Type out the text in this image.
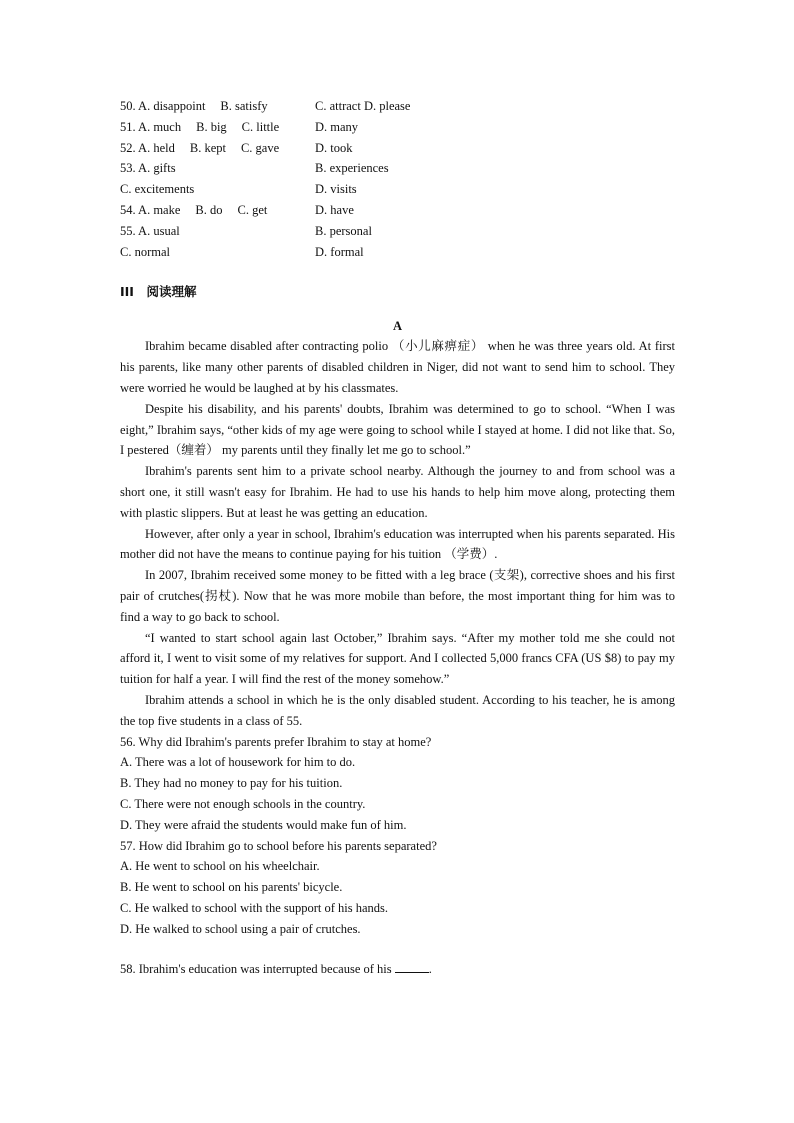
50. A. disappoint B. satisfy	C. attract D. please
51. A. much B. big C. little	D. many
52. A. held B. kept C. gave	D. took
53. A. gifts	B. experiences
C. excitements	D. visits
54. A. make B. do C. get	D. have
55. A. usual	B. personal
C. normal	D. formal
III　阅读理解
A

Ibrahim became disabled after contracting polio （小儿麻痹症） when he was three years old. At first his parents, like many other parents of disabled children in Niger, did not want to send him to school. They were worried he would be laughed at by his classmates.

Despite his disability, and his parents' doubts, Ibrahim was determined to go to school. “When I was eight,” Ibrahim says, “other kids of my age were going to school while I stayed at home. I did not like that. So, I pestered（缠着） my parents until they finally let me go to school.”

Ibrahim's parents sent him to a private school nearby. Although the journey to and from school was a short one, it still wasn't easy for Ibrahim. He had to use his hands to help him move along, protecting them with plastic slippers. But at least he was getting an education.

However, after only a year in school, Ibrahim's education was interrupted when his parents separated. His mother did not have the means to continue paying for his tuition （学费）.

In 2007, Ibrahim received some money to be fitted with a leg brace (支架), corrective shoes and his first pair of crutches(拐杖). Now that he was more mobile than before, the most important thing for him was to find a way to go back to school.

“I wanted to start school again last October,” Ibrahim says. “After my mother told me she could not afford it, I went to visit some of my relatives for support. And I collected 5,000 francs CFA (US $8) to pay my tuition for half a year. I will find the rest of the money somehow.”

Ibrahim attends a school in which he is the only disabled student. According to his teacher, he is among the top five students in a class of 55.

56. Why did Ibrahim's parents prefer Ibrahim to stay at home?

A. There was a lot of housework for him to do.

B. They had no money to pay for his tuition.

C. There were not enough schools in the country.

D. They were afraid the students would make fun of him.

57. How did Ibrahim go to school before his parents separated?

A. He went to school on his wheelchair.

B. He went to school on his parents' bicycle.

C. He walked to school with the support of his hands.

D. He walked to school using a pair of crutches.

58. Ibrahim's education was interrupted because of his	.
